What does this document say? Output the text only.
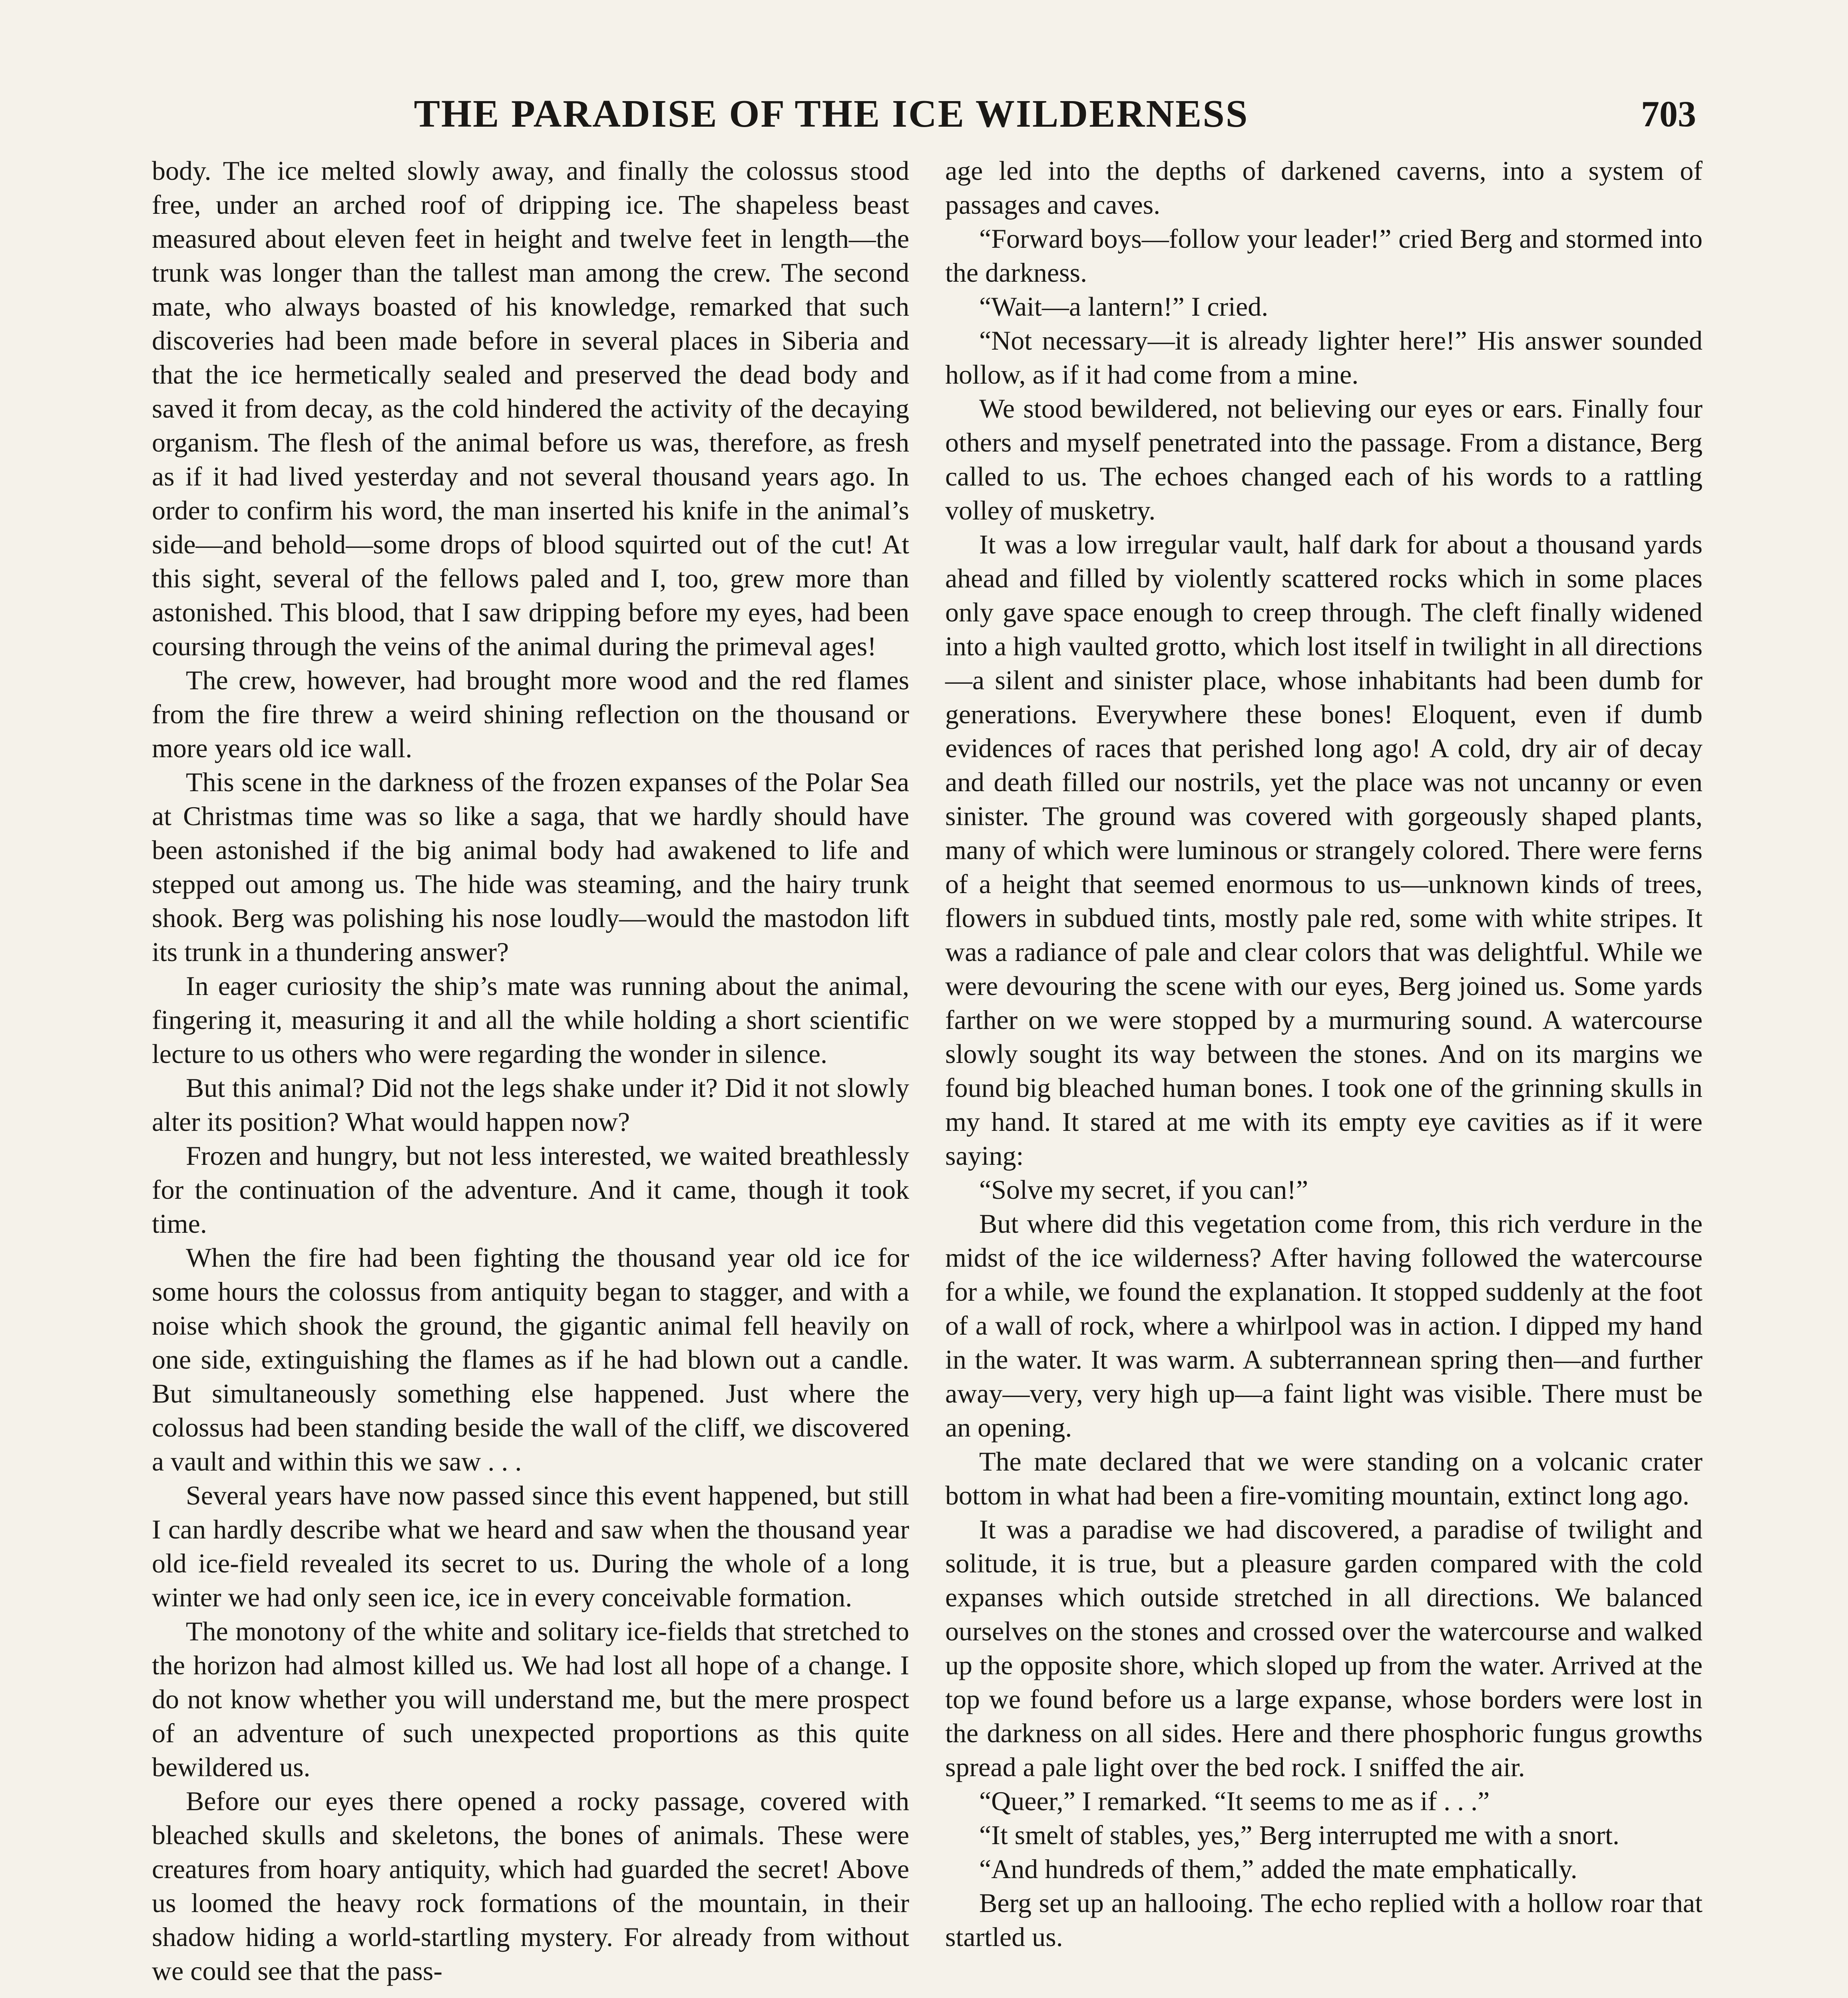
THE PARADISE OF THE ICE WILDERNESS	703

body. The ice melted slowly away, and finally the colossus stood free, under an arched roof of dripping ice. The shapeless beast measured about eleven feet in height and twelve feet in length—the trunk was longer than the tallest man among the crew. The second mate, who always boasted of his knowledge, remarked that such discoveries had been made before in several places in Siberia and that the ice hermetically sealed and preserved the dead body and saved it from decay, as the cold hindered the activity of the decaying organism. The flesh of the animal before us was, therefore, as fresh as if it had lived yesterday and not several thousand years ago. In order to confirm his word, the man inserted his knife in the animal’s side—and behold—some drops of blood squirted out of the cut! At this sight, several of the fellows paled and I, too, grew more than astonished. This blood, that I saw dripping before my eyes, had been coursing through the veins of the animal during the primeval ages!

The crew, however, had brought more wood and the red flames from the fire threw a weird shining reflection on the thousand or more years old ice wall.

This scene in the darkness of the frozen expanses of the Polar Sea at Christmas time was so like a saga, that we hardly should have been astonished if the big animal body had awakened to life and stepped out among us. The hide was steaming, and the hairy trunk shook. Berg was polishing his nose loudly—would the mastodon lift its trunk in a thundering answer?

In eager curiosity the ship’s mate was running about the animal, fingering it, measuring it and all the while holding a short scientific lecture to us others who were regarding the wonder in silence.

But this animal? Did not the legs shake under it? Did it not slowly alter its position? What would happen now?

Frozen and hungry, but not less interested, we waited breathlessly for the continuation of the adventure. And it came, though it took time.

When the fire had been fighting the thousand year old ice for some hours the colossus from antiquity began to stagger, and with a noise which shook the ground, the gigantic animal fell heavily on one side, extinguishing the flames as if he had blown out a candle. But simultaneously something else happened. Just where the colossus had been standing beside the wall of the cliff, we discovered a vault and within this we saw . . .

Several years have now passed since this event happened, but still I can hardly describe what we heard and saw when the thousand year old ice-field revealed its secret to us. During the whole of a long winter we had only seen ice, ice in every conceivable formation.

The monotony of the white and solitary ice-fields that stretched to the horizon had almost killed us. We had lost all hope of a change. I do not know whether you will understand me, but the mere prospect of an adventure of such unexpected proportions as this quite bewildered us.

Before our eyes there opened a rocky passage, covered with bleached skulls and skeletons, the bones of animals. These were creatures from hoary antiquity, which had guarded the secret! Above us loomed the heavy rock formations of the mountain, in their shadow hiding a world-startling mystery. For already from without we could see that the pass-

age led into the depths of darkened caverns, into a system of passages and caves.

“Forward boys—follow your leader!” cried Berg and stormed into the darkness.

“Wait—a lantern!” I cried.

“Not necessary—it is already lighter here!” His answer sounded hollow, as if it had come from a mine.

We stood bewildered, not believing our eyes or ears. Finally four others and myself penetrated into the passage. From a distance, Berg called to us. The echoes changed each of his words to a rattling volley of musketry.

It was a low irregular vault, half dark for about a thousand yards ahead and filled by violently scattered rocks which in some places only gave space enough to creep through. The cleft finally widened into a high vaulted grotto, which lost itself in twilight in all directions—a silent and sinister place, whose inhabitants had been dumb for generations. Everywhere these bones! Eloquent, even if dumb evidences of races that perished long ago! A cold, dry air of decay and death filled our nostrils, yet the place was not uncanny or even sinister. The ground was covered with gorgeously shaped plants, many of which were luminous or strangely colored. There were ferns of a height that seemed enormous to us—unknown kinds of trees, flowers in subdued tints, mostly pale red, some with white stripes. It was a radiance of pale and clear colors that was delightful. While we were devouring the scene with our eyes, Berg joined us. Some yards farther on we were stopped by a murmuring sound. A watercourse slowly sought its way between the stones. And on its margins we found big bleached human bones. I took one of the grinning skulls in my hand. It stared at me with its empty eye cavities as if it were saying:

“Solve my secret, if you can!”

But where did this vegetation come from, this rich verdure in the midst of the ice wilderness? After having followed the watercourse for a while, we found the explanation. It stopped suddenly at the foot of a wall of rock, where a whirlpool was in action. I dipped my hand in the water. It was warm. A subterrannean spring then—and further away—very, very high up—a faint light was visible. There must be an opening.

The mate declared that we were standing on a volcanic crater bottom in what had been a fire-vomiting mountain, extinct long ago.

It was a paradise we had discovered, a paradise of twilight and solitude, it is true, but a pleasure garden compared with the cold expanses which outside stretched in all directions. We balanced ourselves on the stones and crossed over the watercourse and walked up the opposite shore, which sloped up from the water. Arrived at the top we found before us a large expanse, whose borders were lost in the darkness on all sides. Here and there phosphoric fungus growths spread a pale light over the bed rock. I sniffed the air.

“Queer,” I remarked. “It seems to me as if . . .”

“It smelt of stables, yes,” Berg interrupted me with a snort.

“And hundreds of them,” added the mate emphatically.

Berg set up an hallooing. The echo replied with a hollow roar that startled us.
